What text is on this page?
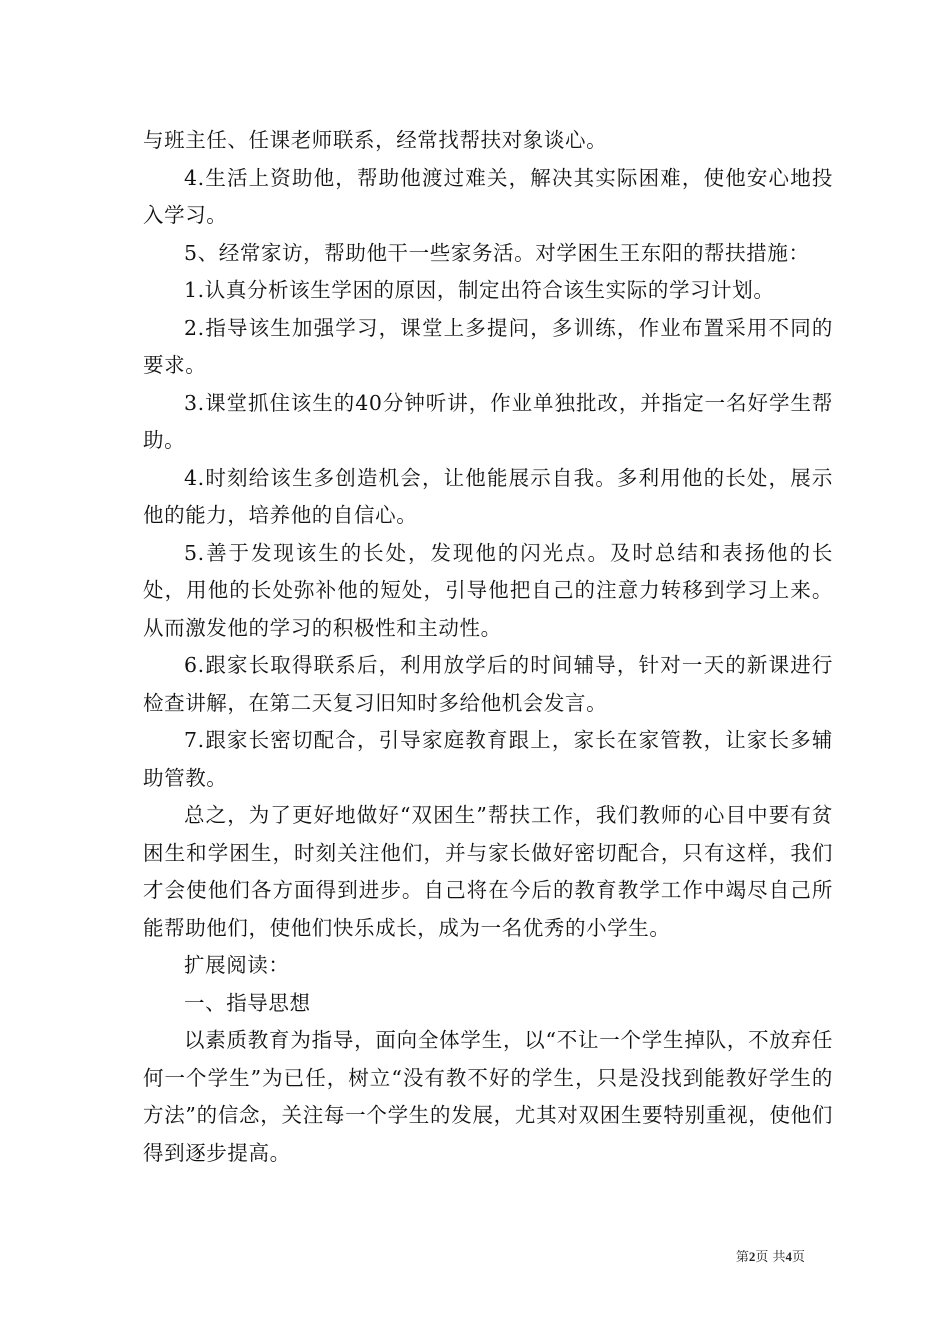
与班主任、任课老师联系，经常找帮扶对象谈心。

4.生活上资助他，帮助他渡过难关，解决其实际困难，使他安心地投入学习。

5、经常家访，帮助他干一些家务活。对学困生王东阳的帮扶措施：

1.认真分析该生学困的原因，制定出符合该生实际的学习计划。

2.指导该生加强学习，课堂上多提问，多训练，作业布置采用不同的要求。

3.课堂抓住该生的40分钟听讲，作业单独批改，并指定一名好学生帮助。

4.时刻给该生多创造机会，让他能展示自我。多利用他的长处，展示他的能力，培养他的自信心。

5.善于发现该生的长处，发现他的闪光点。及时总结和表扬他的长处，用他的长处弥补他的短处，引导他把自己的注意力转移到学习上来。从而激发他的学习的积极性和主动性。

6.跟家长取得联系后，利用放学后的时间辅导，针对一天的新课进行检查讲解，在第二天复习旧知时多给他机会发言。

7.跟家长密切配合，引导家庭教育跟上，家长在家管教，让家长多辅助管教。

总之，为了更好地做好“双困生”帮扶工作，我们教师的心目中要有贫困生和学困生，时刻关注他们，并与家长做好密切配合，只有这样，我们才会使他们各方面得到进步。自己将在今后的教育教学工作中竭尽自己所能帮助他们，使他们快乐成长，成为一名优秀的小学生。

扩展阅读：

一、指导思想

以素质教育为指导，面向全体学生，以“不让一个学生掉队，不放弃任何一个学生”为已任，树立“没有教不好的学生，只是没找到能教好学生的方法”的信念，关注每一个学生的发展，尤其对双困生要特别重视，使他们得到逐步提高。

第2页 共4页
